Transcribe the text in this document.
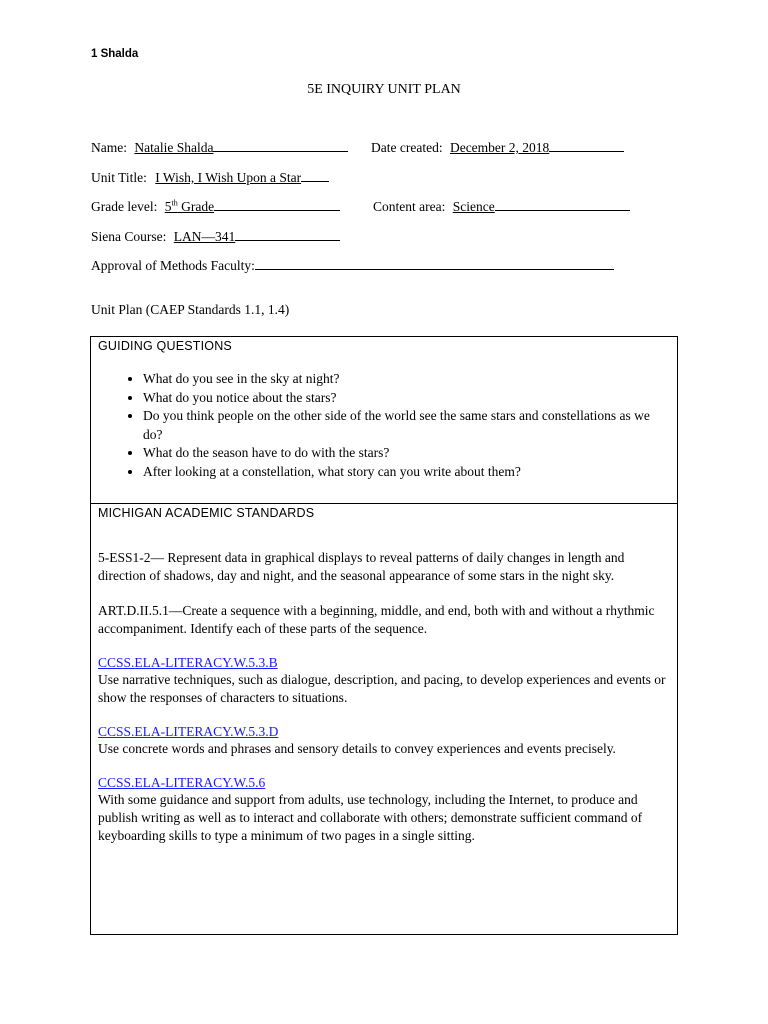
1 Shalda
5E INQUIRY UNIT PLAN
Name: Natalie Shalda	Date created: December 2, 2018
Unit Title: I Wish, I Wish Upon a Star
Grade level: 5th Grade	Content area: Science
Siena Course: LAN—341
Approval of Methods Faculty:
Unit Plan (CAEP Standards 1.1, 1.4)
GUIDING QUESTIONS
• What do you see in the sky at night?
• What do you notice about the stars?
• Do you think people on the other side of the world see the same stars and constellations as we do?
• What do the season have to do with the stars?
• After looking at a constellation, what story can you write about them?

MICHIGAN ACADEMIC STANDARDS

5-ESS1-2— Represent data in graphical displays to reveal patterns of daily changes in length and direction of shadows, day and night, and the seasonal appearance of some stars in the night sky.

ART.D.II.5.1—Create a sequence with a beginning, middle, and end, both with and without a rhythmic accompaniment. Identify each of these parts of the sequence.

CCSS.ELA-LITERACY.W.5.3.B

Use narrative techniques, such as dialogue, description, and pacing, to develop experiences and events or show the responses of characters to situations.

CCSS.ELA-LITERACY.W.5.3.D

Use concrete words and phrases and sensory details to convey experiences and events precisely.

CCSS.ELA-LITERACY.W.5.6

With some guidance and support from adults, use technology, including the Internet, to produce and publish writing as well as to interact and collaborate with others; demonstrate sufficient command of keyboarding skills to type a minimum of two pages in a single sitting.
